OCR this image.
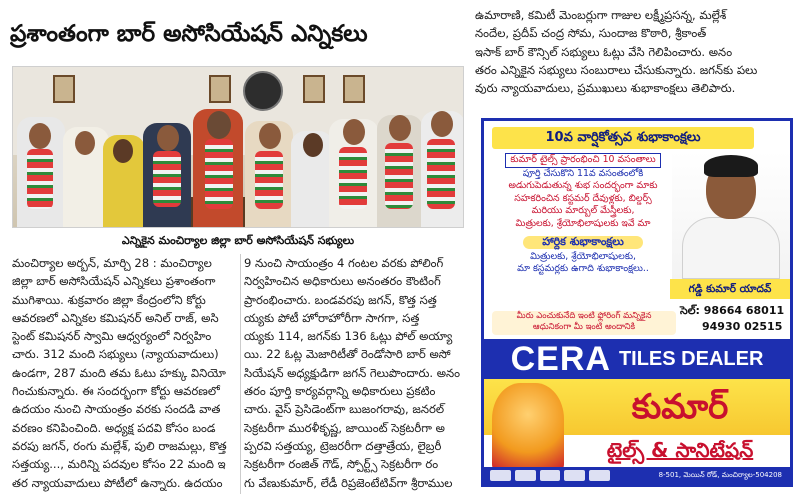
ప్రశాంతంగా బార్ అసోసియేషన్ ఎన్నికలు
ఎన్నికైన మంచిర్యాల జిల్లా బార్ అసోసియేషన్ సభ్యులు

మంచిర్యాల అర్బన్, మార్చి 28 : మంచిర్యాల

జిల్లా బార్ అసోసియేషన్ ఎన్నికలు ప్రశాంతంగా

ముగిశాయి. శుక్రవారం జిల్లా కేంద్రంలోని కోర్టు

ఆవరణలో ఎన్నికల కమిషనర్ అనిల్ రాజ్, అసి

స్టెంట్ కమిషనర్ స్వామి ఆధ్వర్యంలో నిర్వహిం

చారు. 312 మంది సభ్యులు (న్యాయవాదులు)

ఉండగా, 287 మంది తమ ఓటు హక్కు వినియో

గించుకున్నారు. ఈ సందర్భంగా కోర్టు ఆవరణలో

ఉదయం నుంచి సాయంత్రం వరకు సందడి వాత

వరణం కనిపించింది. అధ్యక్ష పదవి కోసం బండ

వరపు జగన్, రంగు మల్లేశ్, పులి రాజమల్లు, కొత్త

సత్తయ్య..., మరిన్ని పదవుల కోసం 22 మంది ఇ

తర న్యాయవాదులు పోటీలో ఉన్నారు. ఉదయం

9 నుంచి సాయంత్రం 4 గంటల వరకు పోలింగ్

నిర్వహించిన అధికారులు అనంతరం కౌంటింగ్

ప్రారంభించారు. బండవరపు జగన్, కొత్త సత్త

య్యకు పోటీ హోరాహోరీగా సాగగా, సత్త

య్యకు 114, జగన్‌కు 136 ఓట్లు పోల్ అయ్యా

యి. 22 ఓట్ల మెజారిటీతో రెండోసారి బార్ అసో

సియేషన్ అధ్యక్షుడిగా జగన్ గెలుపొందారు. అనం

తరం పూర్తి కార్యవర్గాన్ని అధికారులు ప్రకటిం

చారు. వైస్ ప్రెసిడెంట్‌గా బుజంగరావు, జనరల్

సెక్రటరీగా మురళీకృష్ణ, జాయింట్ సెక్రటరీగా అ

ప్పరవి సత్తయ్య, ట్రెజరరీగా దత్తాత్రేయ, లైబ్రరీ

సెక్రటరీగా రంజిత్ గౌడ్, స్పోర్ట్స్ సెక్రటరీగా రం

గు వేణుకుమార్, లేడీ రిప్రజెంటేటివ్‌గా శ్రీరాముల

ఉమారాణి, కమిటీ మెంబర్లుగా గాజుల లక్ష్మీప్రసన్న, మల్లేశ్

నందేల, ప్రదీప్ చంద్ర సోమ, సుందాజ కొఠారి, శ్రీకాంత్

ఇసాక్ బార్ కౌన్సిల్ సభ్యులు ఓట్లు వేసి గెలిపించారు. అనం

తరం ఎన్నికైన సభ్యులు సంబురాలు చేసుకున్నారు. జగన్‌కు పలు

వురు న్యాయవాదులు, ప్రముఖులు శుభాకాంక్షలు తెలిపారు.

10వ వార్షికోత్సవ శుభాకాంక్షలు
కుమార్ టైల్స్ ప్రారంభించి 10 వసంతాలు
పూర్తి చేసుకొని 11వ వసంతంలోకి
అడుగుపెడుతున్న శుభ సందర్భంగా మాకు
సహకరించిన కస్టమర్ దేవుళ్లకు, బిల్డర్స్
మరియు మార్బుల్ మేస్త్రీలకు,
మిత్రులకు, శ్రేయోభిలాషులకు ఇవే మా
హార్దిక శుభాకాంక్షలు
మిత్రులకు, శ్రేయోభిలాషులకు,
మా కస్టమర్లకు ఉగాది శుభాకాంక్షలు..
గడ్డి కుమార్ యాదవ్
సెల్: 98664 68011
94930 02515
మీరు ఎంచుకునేది ఇంటి ఫ్లోరింగ్ మన్నికైన
ఆధునికంగా మీ ఇంటి అందానికి
CERA TILES DEALER
కుమార్
టైల్స్ & సానిటేషన్
8-501, మెయిన్ రోడ్, మంచిర్యాల-504208
